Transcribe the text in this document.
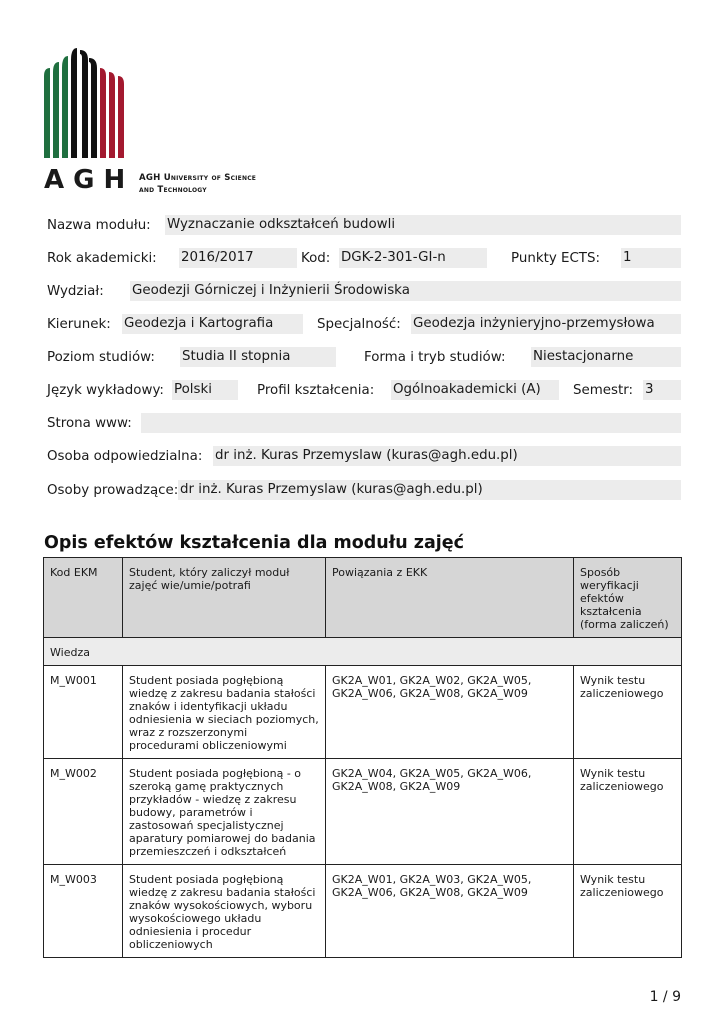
AGH AGH University of Science
and Technology
Nazwa modułu: Wyznaczanie odkształceń budowli
Rok akademicki: 2016/2017	Kod: DGK-2-301-GI-n	Punkty ECTS: 1
Wydział: Geodezji Górniczej i Inżynierii Środowiska
Kierunek: Geodezja i Kartografia	Specjalność: Geodezja inżynieryjno-przemysłowa
Poziom studiów: Studia II stopnia	Forma i tryb studiów: Niestacjonarne
Język wykładowy: Polski	Profil kształcenia: Ogólnoakademicki (A)	Semestr: 3
Strona www:
Osoba odpowiedzialna: dr inż. Kuras Przemyslaw (kuras@agh.edu.pl)
Osoby prowadzące: dr inż. Kuras Przemyslaw (kuras@agh.edu.pl)
Opis efektów kształcenia dla modułu zajęć
Kod EKM	Student, który zaliczył moduł zajęć wie/umie/potrafi	Powiązania z EKK	Sposób weryfikacji efektów kształcenia (forma zaliczeń)
Wiedza			
M_W001	Student posiada pogłębioną wiedzę z zakresu badania stałości znaków i identyfikacji układu odniesienia w sieciach poziomych, wraz z rozszerzonymi procedurami obliczeniowymi	GK2A_W01, GK2A_W02, GK2A_W05, GK2A_W06, GK2A_W08, GK2A_W09	Wynik testu zaliczeniowego
M_W002	Student posiada pogłębioną - o szeroką gamę praktycznych przykładów - wiedzę z zakresu budowy, parametrów i zastosowań specjalistycznej aparatury pomiarowej do badania przemieszczeń i odkształceń	GK2A_W04, GK2A_W05, GK2A_W06, GK2A_W08, GK2A_W09	Wynik testu zaliczeniowego
M_W003	Student posiada pogłębioną wiedzę z zakresu badania stałości znaków wysokościowych, wyboru wysokościowego układu odniesienia i procedur obliczeniowych	GK2A_W01, GK2A_W03, GK2A_W05, GK2A_W06, GK2A_W08, GK2A_W09	Wynik testu zaliczeniowego
1 / 9
